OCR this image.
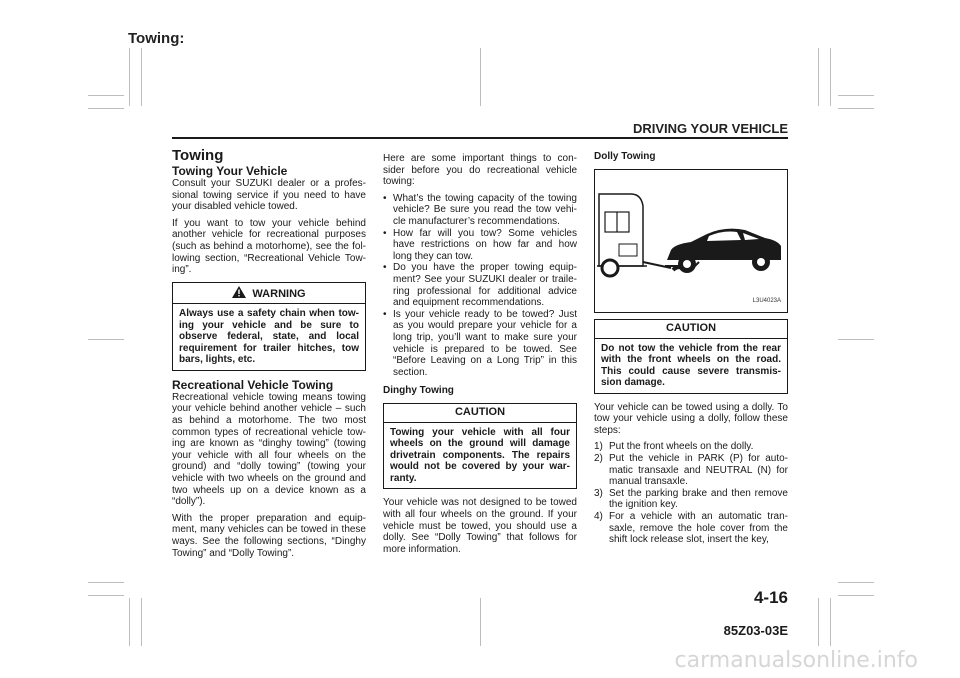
Towing:
DRIVING YOUR VEHICLE
4-16
85Z03-03E
carmanualsonline.info
Towing
Towing Your Vehicle

Consult your SUZUKI dealer or a profes-sional towing service if you need to have your disabled vehicle towed.

If you want to tow your vehicle behind another vehicle for recreational purposes (such as behind a motorhome), see the fol-lowing section, “Recreational Vehicle Tow-ing”.

WARNING
Always use a safety chain when tow-ing your vehicle and be sure to observe federal, state, and local requirement for trailer hitches, tow bars, lights, etc.
Recreational Vehicle Towing

Recreational vehicle towing means towing your vehicle behind another vehicle – such as behind a motorhome. The two most common types of recreational vehicle tow-ing are known as “dinghy towing” (towing your vehicle with all four wheels on the ground) and “dolly towing” (towing your vehicle with two wheels on the ground and two wheels up on a device known as a “dolly”).

With the proper preparation and equip-ment, many vehicles can be towed in these ways. See the following sections, “Dinghy Towing” and “Dolly Towing”.

Here are some important things to con-sider before you do recreational vehicle towing:

• What’s the towing capacity of the towing vehicle? Be sure you read the tow vehi-cle manufacturer’s recommendations.
• How far will you tow? Some vehicles have restrictions on how far and how long they can tow.
• Do you have the proper towing equip-ment? See your SUZUKI dealer or traile-ring professional for additional advice and equipment recommendations.
• Is your vehicle ready to be towed? Just as you would prepare your vehicle for a long trip, you’ll want to make sure your vehicle is prepared to be towed. See “Before Leaving on a Long Trip” in this section.
Dinghy Towing
CAUTION
Towing your vehicle with all four wheels on the ground will damage drivetrain components. The repairs would not be covered by your war-ranty.

Your vehicle was not designed to be towed with all four wheels on the ground. If your vehicle must be towed, you should use a dolly. See “Dolly Towing” that follows for more information.

Dolly Towing
L3U4023A
CAUTION
Do not tow the vehicle from the rear with the front wheels on the road. This could cause severe transmis-sion damage.

Your vehicle can be towed using a dolly. To tow your vehicle using a dolly, follow these steps:

1) Put the front wheels on the dolly.
2) Put the vehicle in PARK (P) for auto-matic transaxle and NEUTRAL (N) for manual transaxle.
3) Set the parking brake and then remove the ignition key.
4) For a vehicle with an automatic tran-saxle, remove the hole cover from the shift lock release slot, insert the key,
